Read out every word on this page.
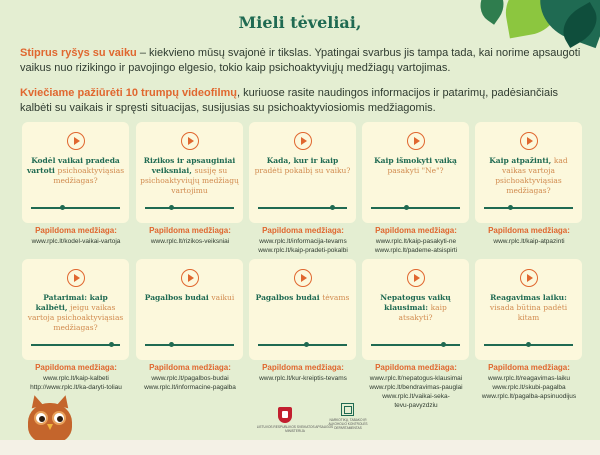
Mieli tėveliai,

Stiprus ryšys su vaiku – kiekvieno mūsų svajonė ir tikslas. Ypatingai svarbus jis tampa tada, kai norime apsaugoti vaikus nuo rizikingo ir pavojingo elgesio, tokio kaip psichoaktyviųjų medžiagų vartojimas.

Kviečiame pažiūrėti 10 trumpų videofilmų, kuriuose rasite naudingos informacijos ir patarimų, padėsiančiais kalbėti su vaikais ir spręsti situacijas, susijusias su psichoaktyviosiomis medžiagomis.

Kodėl vaikai pradeda vartoti psichoaktyviąsias medžiagas?
Papildoma medžiaga:
www.rplc.lt/kodel-vaikai-vartoja
Rizikos ir apsauginiai veiksniai, susiję su psichoaktyviųjų medžiagų vartojimu
Papildoma medžiaga:
www.rplc.lt/rizikos-veiksniai
Kada, kur ir kaip pradėti pokalbį su vaiku?
Papildoma medžiaga:
www.rplc.lt/informacija-tevams
www.rplc.lt/kaip-pradeti-pokalbi
Kaip išmokyti vaiką pasakyti "Ne"?
Papildoma medžiaga:
www.rplc.lt/kaip-pasakyti-ne
www.rplc.lt/pademe-atsispirti
Kaip atpažinti, kad vaikas vartoja psichoaktyviąsias medžiagas?
Papildoma medžiaga:
www.rplc.lt/kaip-atpazinti
Patarimai: kaip kalbėti, jeigu vaikas vartoja psichoaktyviąsias medžiagas?
Papildoma medžiaga:
www.rplc.lt/kaip-kalbeti
http://www.rplc.lt/ka-daryti-toliau
Pagalbos budai vaikui
Papildoma medžiaga:
www.rplc.lt/pagalbos-budai
www.rplc.lt/informacine-pagalba
Pagalbos budai tėvams
Papildoma medžiaga:
www.rplc.lt/kur-kreiptis-tevams
Nepatogus vaikų klausimai: kaip atsakyti?
Papildoma medžiaga:
www.rplc.lt/nepatogus-klausimai
www.rplc.lt/bendravimas-pauglai
www.rplc.lt/vaikai-seka-
tevu-pavyzdziu
Reagavimas laiku: visada būtina padėti kitam
Papildoma medžiaga:
www.rplc.lt/reagavimas-laiku
www.rplc.lt/skubi-pagalba
www.rplc.lt/pagalba-apsinuodijus
LIETUVOS RESPUBLIKOS SVEIKATOS APSAUGOS MINISTERIJA
NARKOTIKŲ, TABAKO IR ALKOHOLIO KONTROLĖS DEPARTAMENTAS
